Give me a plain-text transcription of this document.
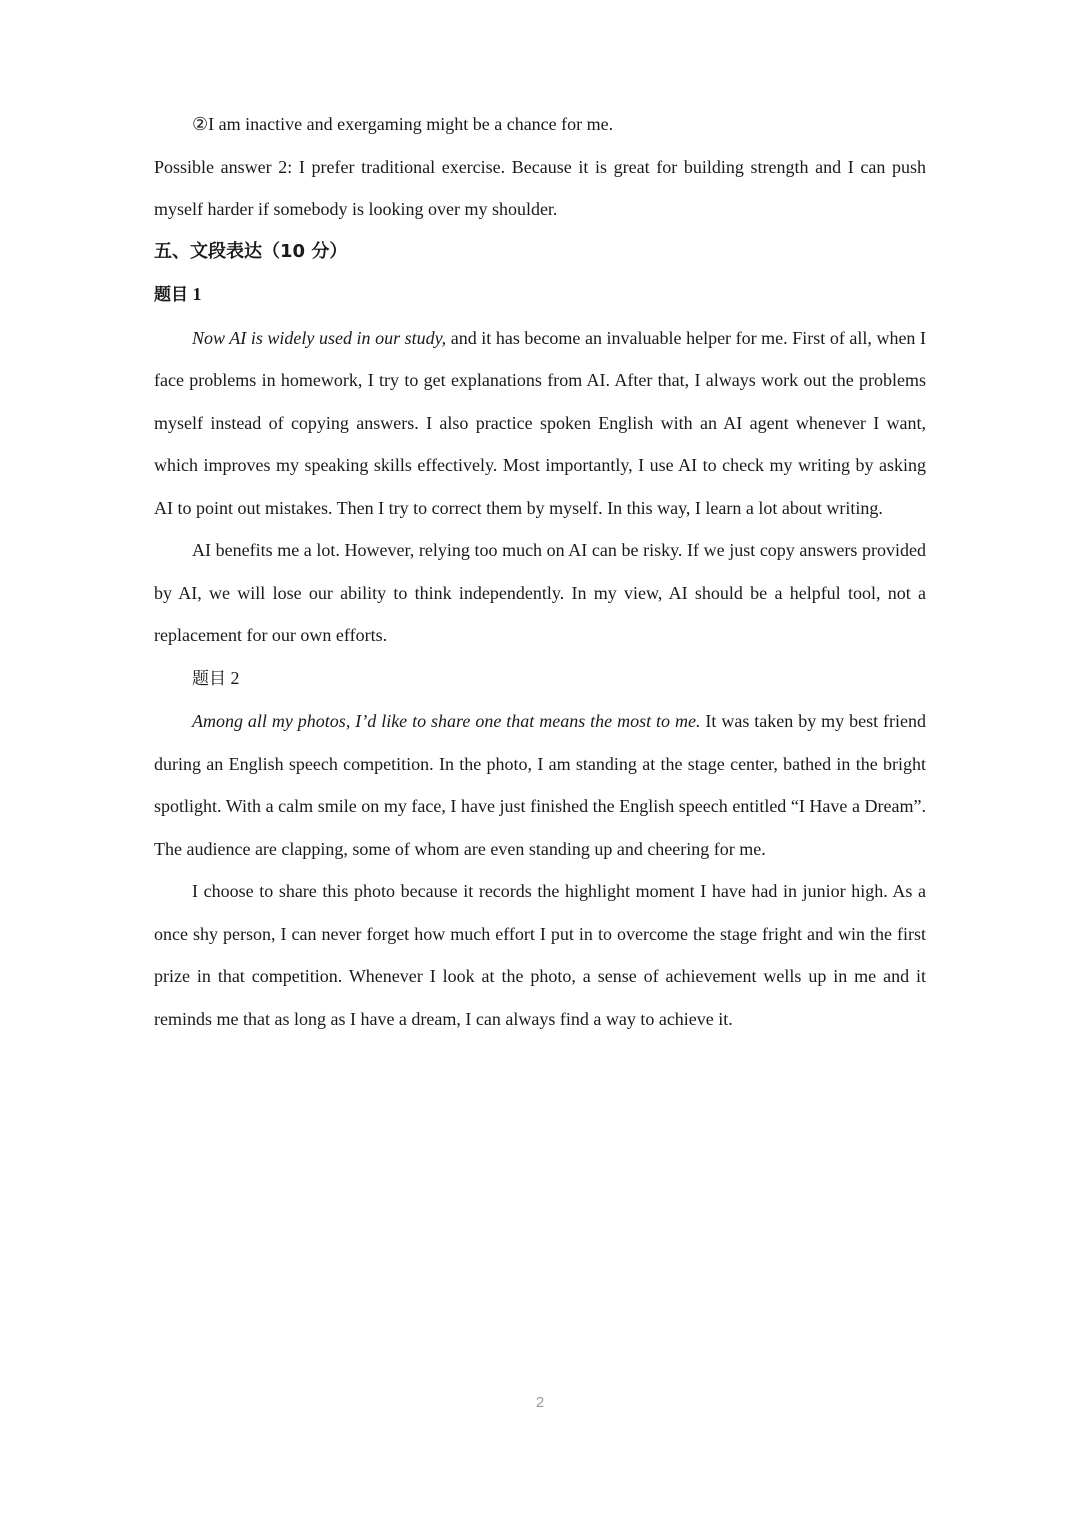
②I am inactive and exergaming might be a chance for me.

Possible answer 2: I prefer traditional exercise. Because it is great for building strength and I can push myself harder if somebody is looking over my shoulder.

五、文段表达（10 分）

题目 1

Now AI is widely used in our study, and it has become an invaluable helper for me. First of all, when I face problems in homework, I try to get explanations from AI. After that, I always work out the problems myself instead of copying answers. I also practice spoken English with an AI agent whenever I want, which improves my speaking skills effectively. Most importantly, I use AI to check my writing by asking AI to point out mistakes. Then I try to correct them by myself. In this way, I learn a lot about writing.

AI benefits me a lot. However, relying too much on AI can be risky. If we just copy answers provided by AI, we will lose our ability to think independently. In my view, AI should be a helpful tool, not a replacement for our own efforts.

题目 2

Among all my photos, I’d like to share one that means the most to me. It was taken by my best friend during an English speech competition. In the photo, I am standing at the stage center, bathed in the bright spotlight. With a calm smile on my face, I have just finished the English speech entitled “I Have a Dream”. The audience are clapping, some of whom are even standing up and cheering for me.

I choose to share this photo because it records the highlight moment I have had in junior high. As a once shy person, I can never forget how much effort I put in to overcome the stage fright and win the first prize in that competition. Whenever I look at the photo, a sense of achievement wells up in me and it reminds me that as long as I have a dream, I can always find a way to achieve it.

2
